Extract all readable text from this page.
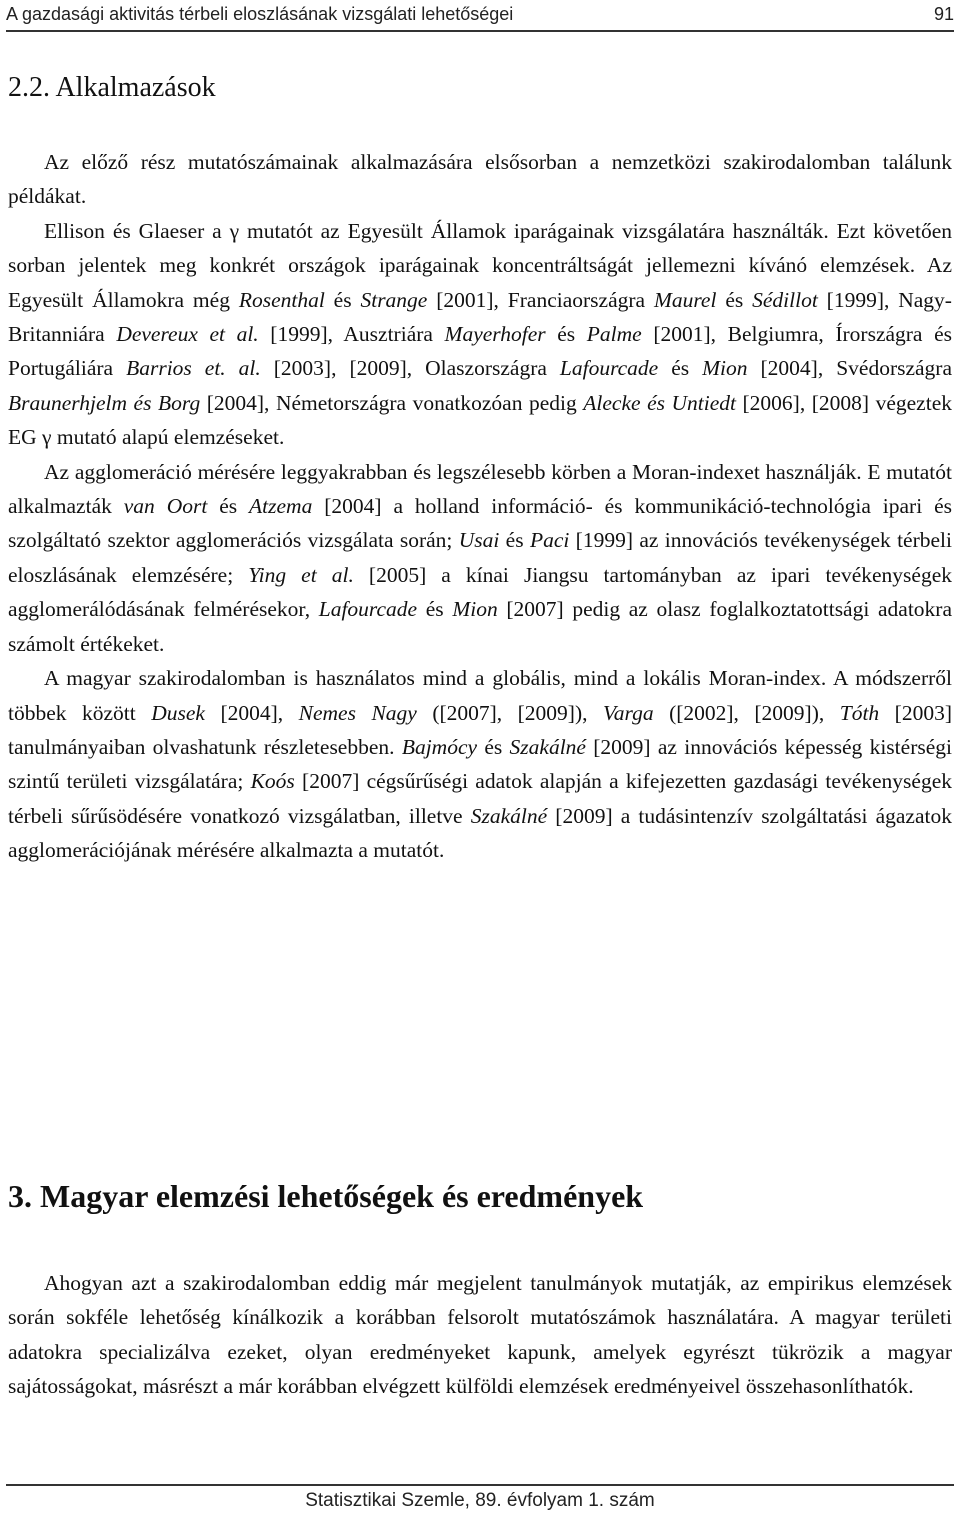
A gazdasági aktivitás térbeli eloszlásának vizsgálati lehetőségei	91
2.2. Alkalmazások

Az előző rész mutatószámainak alkalmazására elsősorban a nemzetközi szakirodalomban találunk példákat.

Ellison és Glaeser a γ mutatót az Egyesült Államok iparágainak vizsgálatára használták. Ezt követően sorban jelentek meg konkrét országok iparágainak koncentráltságát jellemezni kívánó elemzések. Az Egyesült Államokra még Rosenthal és Strange [2001], Franciaországra Maurel és Sédillot [1999], Nagy-Britanniára Devereux et al. [1999], Ausztriára Mayerhofer és Palme [2001], Belgiumra, Írországra és Portugáliára Barrios et. al. [2003], [2009], Olaszországra Lafourcade és Mion [2004], Svédországra Braunerhjelm és Borg [2004], Németországra vonatkozóan pedig Alecke és Untiedt [2006], [2008] végeztek EG γ mutató alapú elemzéseket.

Az agglomeráció mérésére leggyakrabban és legszélesebb körben a Moran-indexet használják. E mutatót alkalmazták van Oort és Atzema [2004] a holland információ- és kommunikáció-technológia ipari és szolgáltató szektor agglomerációs vizsgálata során; Usai és Paci [1999] az innovációs tevékenységek térbeli eloszlásának elemzésére; Ying et al. [2005] a kínai Jiangsu tartományban az ipari tevékenységek agglomerálódásának felmérésekor, Lafourcade és Mion [2007] pedig az olasz foglalkoztatottsági adatokra számolt értékeket.

A magyar szakirodalomban is használatos mind a globális, mind a lokális Moran-index. A módszerről többek között Dusek [2004], Nemes Nagy ([2007], [2009]), Varga ([2002], [2009]), Tóth [2003] tanulmányaiban olvashatunk részletesebben. Bajmócy és Szakálné [2009] az innovációs képesség kistérségi szintű területi vizsgálatára; Koós [2007] cégsűrűségi adatok alapján a kifejezetten gazdasági tevékenységek térbeli sűrűsödésére vonatkozó vizsgálatban, illetve Szakálné [2009] a tudásintenzív szolgáltatási ágazatok agglomerációjának mérésére alkalmazta a mutatót.

3. Magyar elemzési lehetőségek és eredmények

Ahogyan azt a szakirodalomban eddig már megjelent tanulmányok mutatják, az empirikus elemzések során sokféle lehetőség kínálkozik a korábban felsorolt mutatószámok használatára. A magyar területi adatokra specializálva ezeket, olyan eredményeket kapunk, amelyek egyrészt tükrözik a magyar sajátosságokat, másrészt a már korábban elvégzett külföldi elemzések eredményeivel összehasonlíthatók.

Statisztikai Szemle, 89. évfolyam 1. szám
